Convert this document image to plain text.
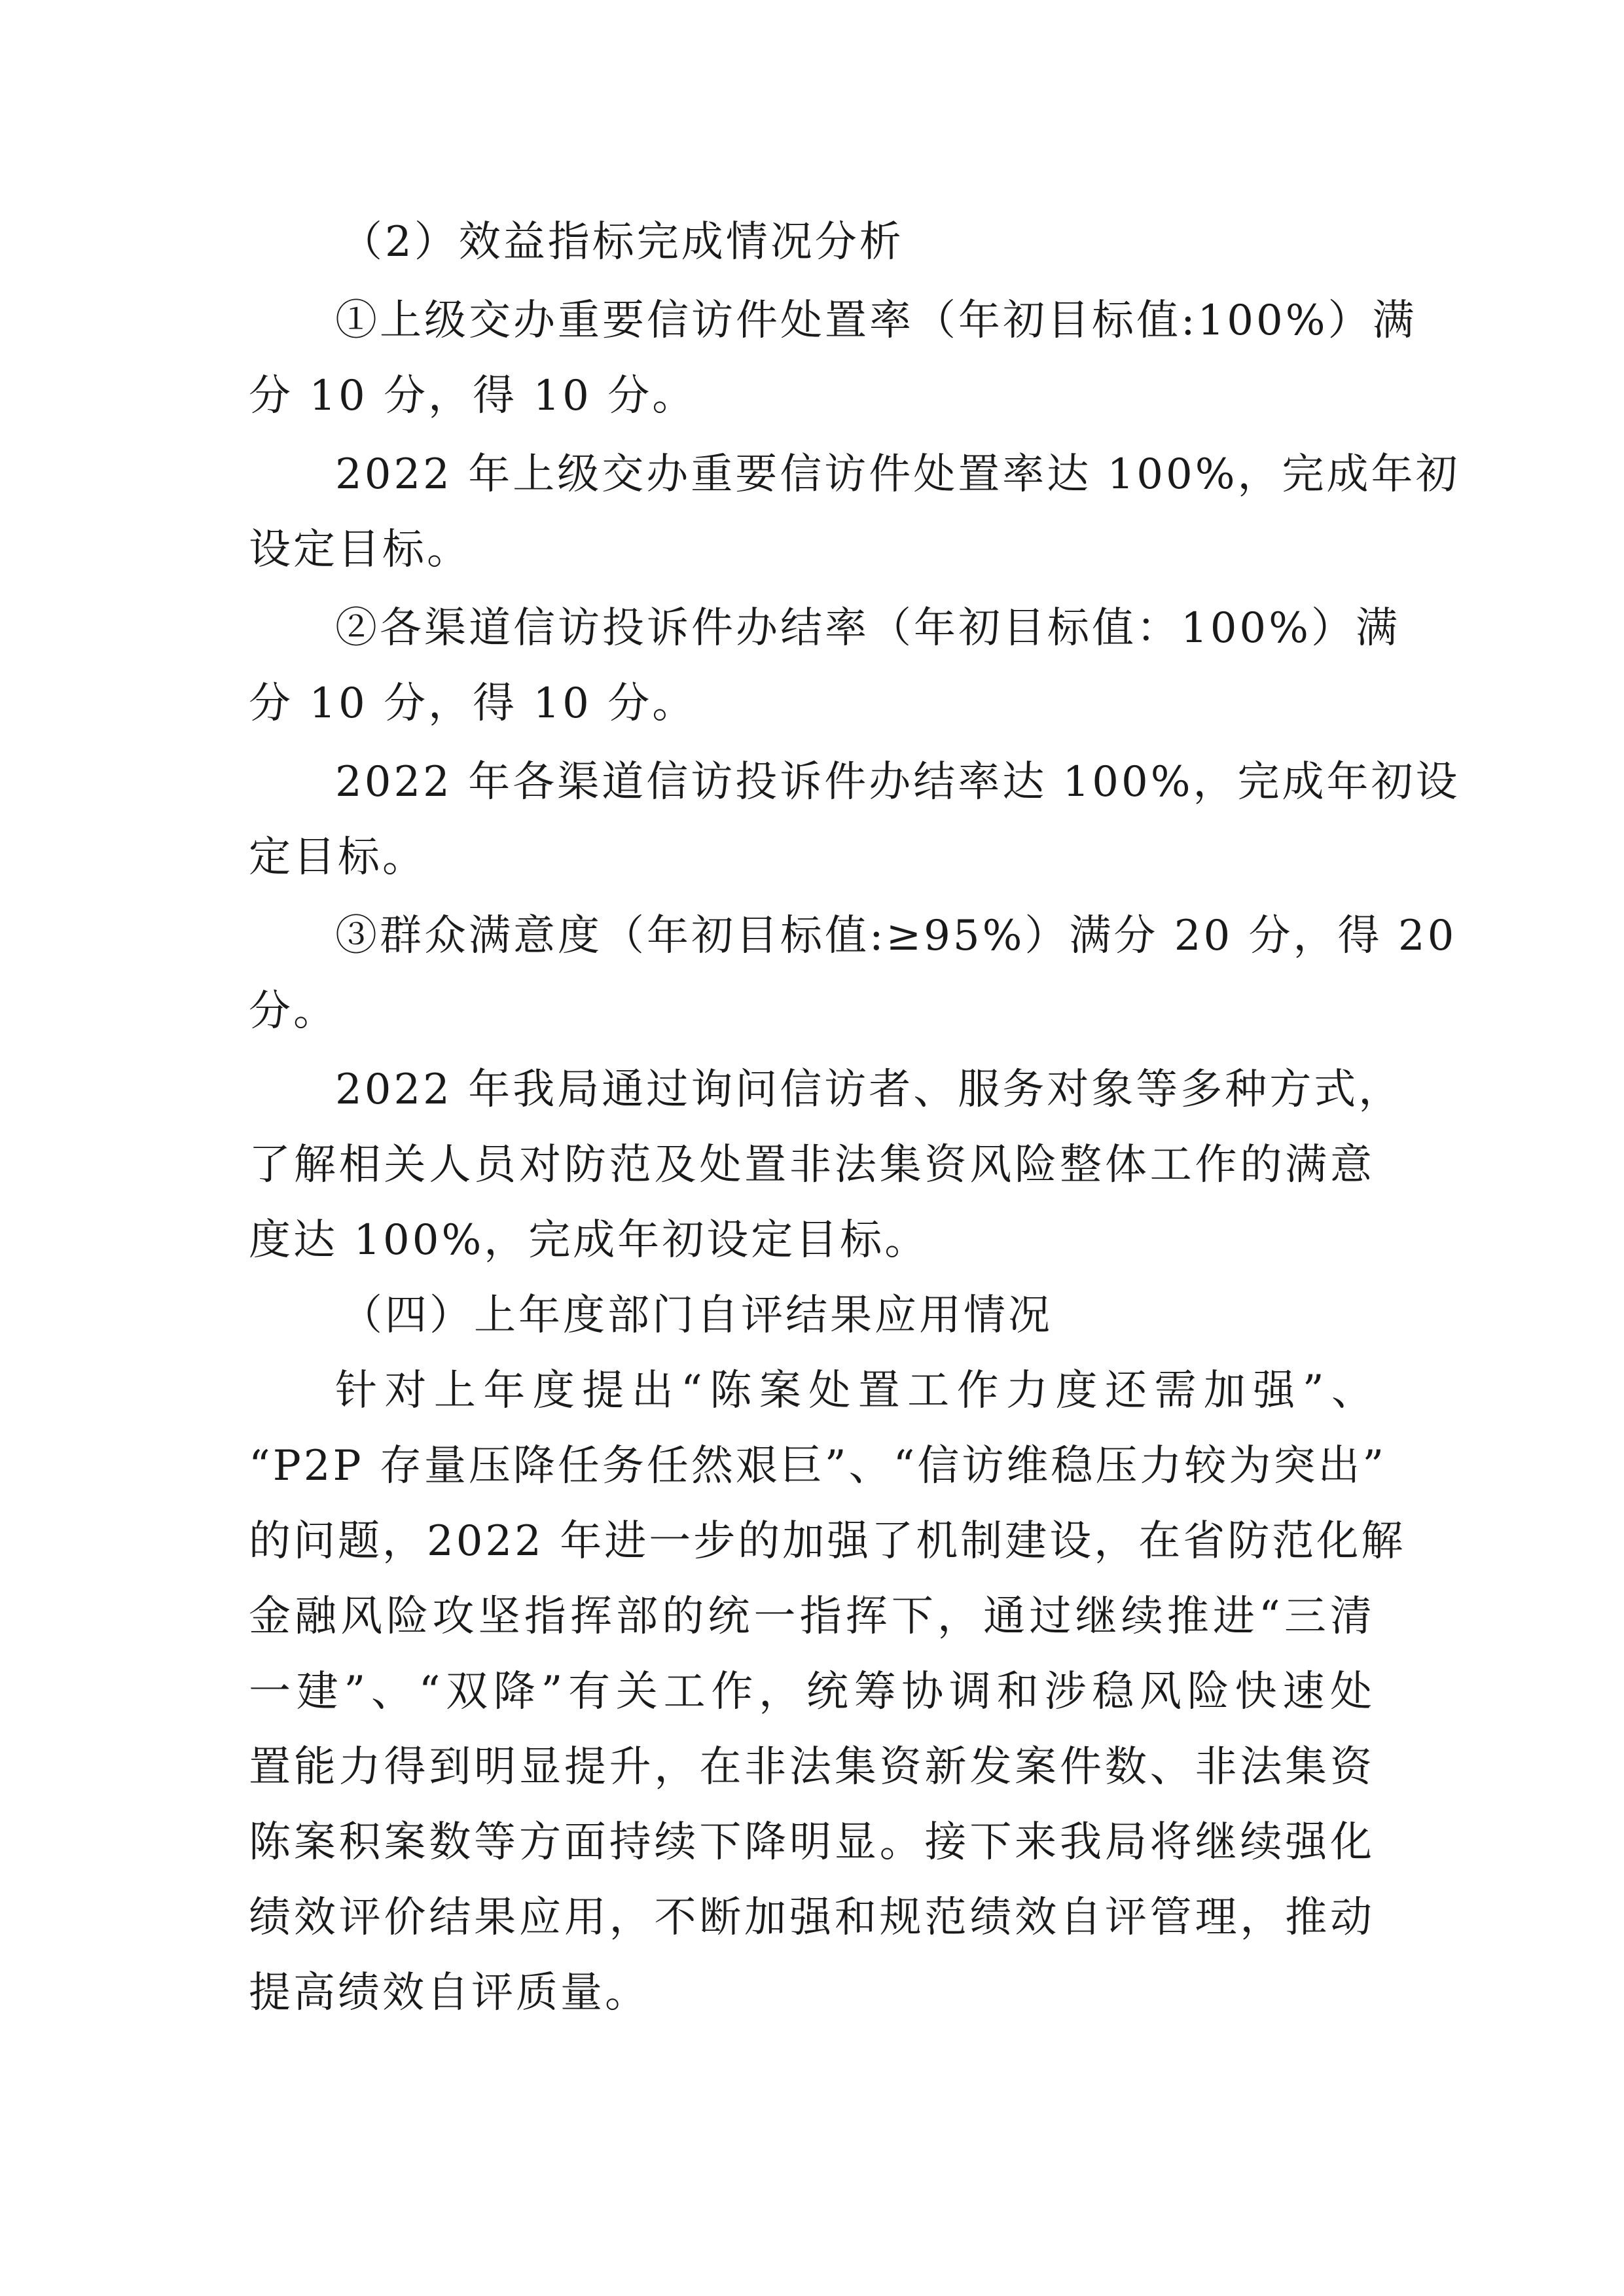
（2）效益指标完成情况分析
①上级交办重要信访件处置率（年初目标值:100%）满
分 10 分，得 10 分。
2022 年上级交办重要信访件处置率达 100%，完成年初
设定目标。
②各渠道信访投诉件办结率（年初目标值：100%）满
分 10 分，得 10 分。
2022 年各渠道信访投诉件办结率达 100%，完成年初设
定目标。
③群众满意度（年初目标值:≥95%）满分 20 分，得 20
分。
2022 年我局通过询问信访者、服务对象等多种方式，
了解相关人员对防范及处置非法集资风险整体工作的满意
度达 100%，完成年初设定目标。
（四）上年度部门自评结果应用情况
针对上年度提出“陈案处置工作力度还需加强”、
“P2P 存量压降任务任然艰巨”、“信访维稳压力较为突出”
的问题，2022 年进一步的加强了机制建设，在省防范化解
金融风险攻坚指挥部的统一指挥下，通过继续推进“三清
一建”、“双降”有关工作，统筹协调和涉稳风险快速处
置能力得到明显提升，在非法集资新发案件数、非法集资
陈案积案数等方面持续下降明显。接下来我局将继续强化
绩效评价结果应用，不断加强和规范绩效自评管理，推动
提高绩效自评质量。
